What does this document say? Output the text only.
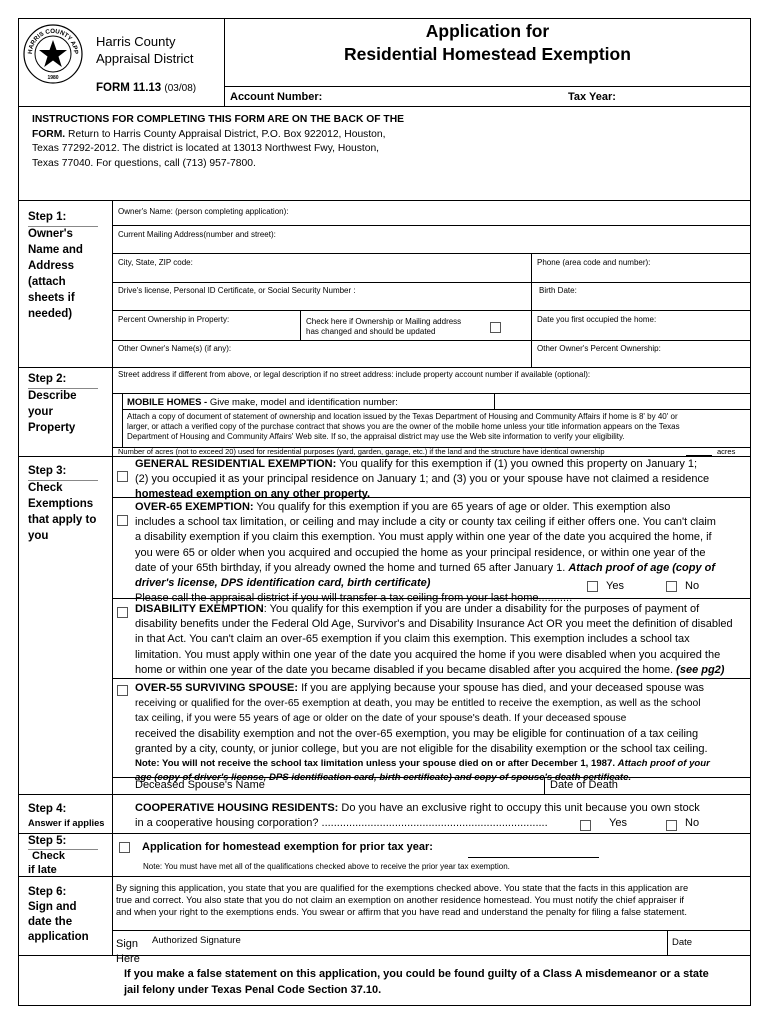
HARRIS COUNTY APP
1980
Harris County
Appraisal District
FORM 11.13 (03/08)
Application for
Residential Homestead Exemption
Account Number:	Tax Year:
INSTRUCTIONS FOR COMPLETING THIS FORM ARE ON THE BACK OF THE
FORM. Return to Harris County Appraisal District, P.O. Box 922012, Houston,
Texas 77292-2012. The district is located at 13013 Northwest Fwy, Houston,
Texas 77040. For questions, call (713) 957-7800.
Step 1:
Owner's
Name and
Address
(attach
sheets if
needed)
Owner's Name: (person completing application):
Current Mailing Address(number and street):
City, State, ZIP code:	Phone (area code and number):
Drive's license, Personal ID Certificate, or Social Security Number :	Birth Date:
Percent Ownership in Property:	Check here if Ownership or Mailing address
has changed and should be updated
Date you first occupied the home:
Other Owner's Name(s) (if any):	Other Owner's Percent Ownership:
Step 2:
Describe
your
Property
Street address if different from above, or legal description if no street address: include property account number if available (optional):
MOBILE HOMES - Give make, model and identification number:
Attach a copy of document of statement of ownership and location issued by the Texas Department of Housing and Community Affairs if home is 8' by 40' or
larger, or attach a verified copy of the purchase contract that shows you are the owner of the mobile home unless your title information appears on the Texas
Department of Housing and Community Affairs' Web site. If so, the appraisal district may use the Web site information to verify your eligibility.
Number of acres (not to exceed 20) used for residential purposes (yard, garden, garage, etc.) if the land and the structure have identical ownership	acres
Step 3:
Check
Exemptions
that apply to
you
GENERAL RESIDENTIAL EXEMPTION: You qualify for this exemption if (1) you owned this property on January 1;
(2) you occupied it as your principal residence on January 1; and (3) you or your spouse have not claimed a residence
homestead exemption on any other property.
OVER-65 EXEMPTION: You qualify for this exemption if you are 65 years of age or older. This exemption also
includes a school tax limitation, or ceiling and may include a city or county tax ceiling if either offers one. You can't claim
a disability exemption if you claim this exemption. You must apply within one year of the date you acquired the home, if
you were 65 or older when you acquired and occupied the home as your principal residence, or within one year of the
date of your 65th birthday, if you already owned the home and turned 65 after January 1. Attach proof of age (copy of
driver's license, DPS identification card, birth certificate)
Please call the appraisal district if you will transfer a tax ceiling from your last home...........
Yes	No
DISABILITY EXEMPTION: You qualify for this exemption if you are under a disability for the purposes of payment of
disability benefits under the Federal Old Age, Survivor's and Disability Insurance Act OR you meet the definition of disabled
in that Act. You can't claim an over-65 exemption if you claim this exemption. This exemption includes a school tax
limitation. You must apply within one year of the date you acquired the home if you were disabled when you acquired the
home or within one year of the date you became disabled if you became disabled after you acquired the home. (see pg2)
OVER-55 SURVIVING SPOUSE: If you are applying because your spouse has died, and your deceased spouse was
receiving or qualified for the over-65 exemption at death, you may be entitled to receive the exemption, as well as the school
tax ceiling, if you were 55 years of age or older on the date of your spouse's death. If your deceased spouse
received the disability exemption and not the over-65 exemption, you may be eligible for continuation of a tax ceiling
granted by a city, county, or junior college, but you are not eligible for the disability exemption or the school tax ceiling.
Note: You will not receive the school tax limitation unless your spouse died on or after December 1, 1987. Attach proof of your
age (copy of driver's license, DPS identification card, birth certificate) and copy of spouse's death certificate.
Deceased Spouse's Name	Date of Death
Step 4:
Answer if applies
COOPERATIVE HOUSING RESIDENTS: Do you have an exclusive right to occupy this unit because you own stock
in a cooperative housing corporation? ..........................................................................	Yes	No
Step 5:
Check
if late
Application for homestead exemption for prior tax year:
Note: You must have met all of the qualifications checked above to receive the prior year tax exemption.
Step 6:
Sign and
date the
application
By signing this application, you state that you are qualified for the exemptions checked above. You state that the facts in this application are
true and correct. You also state that you do not claim an exemption on another residence homestead. You must notify the chief appraiser if
and when your right to the exemptions ends. You swear or affirm that you have read and understand the penalty for filing a false statement.
Sign
Here
Authorized Signature	Date
If you make a false statement on this application, you could be found guilty of a Class A misdemeanor or a state
jail felony under Texas Penal Code Section 37.10.
